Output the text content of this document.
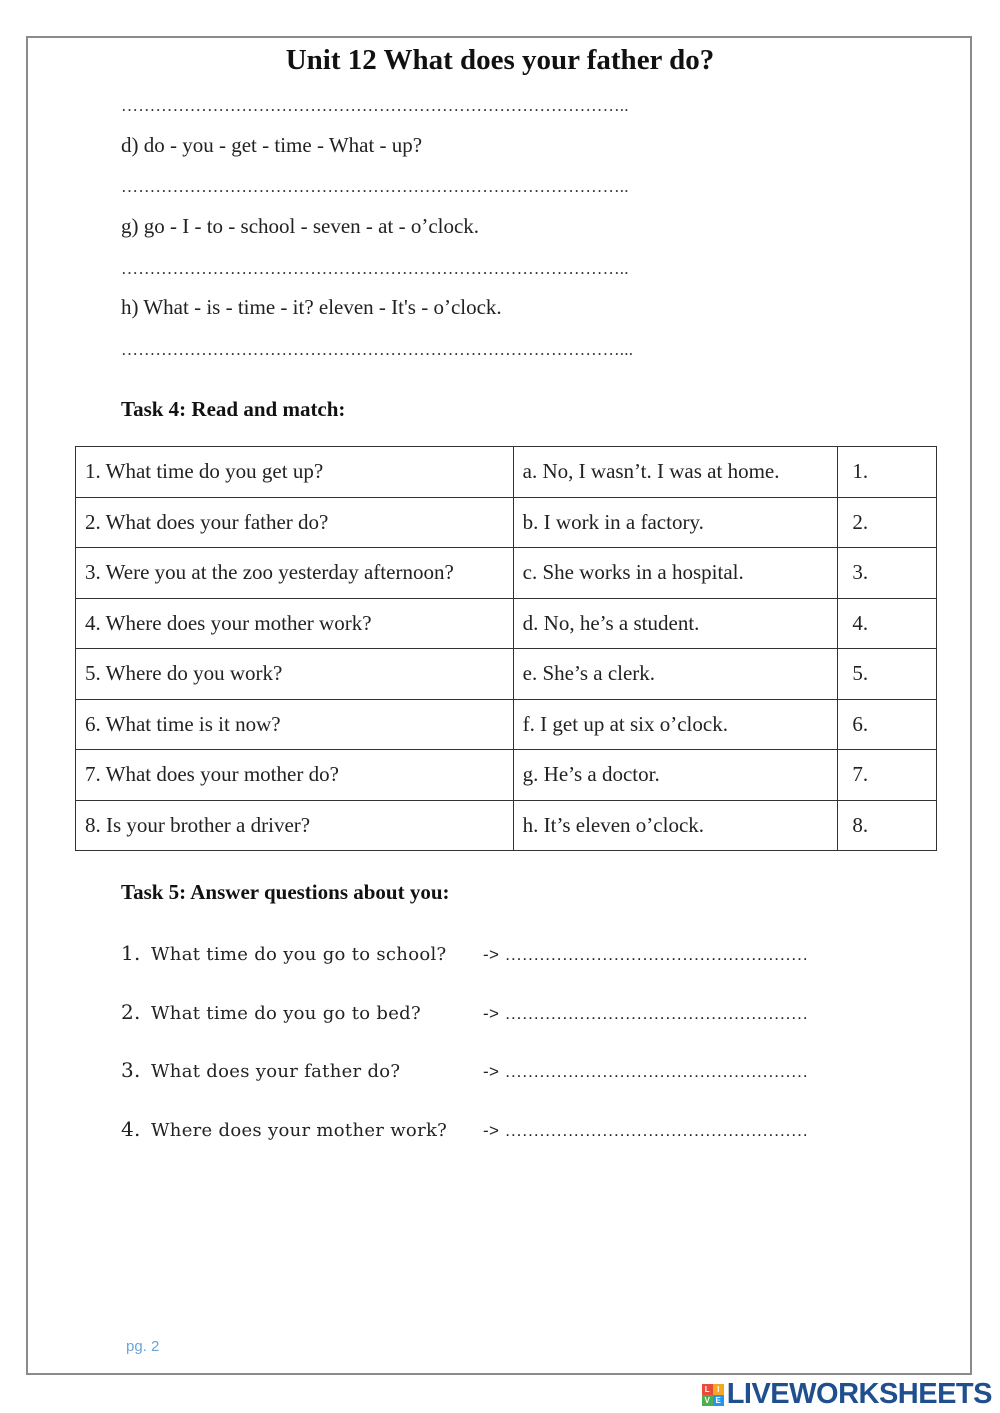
Unit 12 What does your father do?
……………………………………………………………………………..
d) do - you - get - time - What - up?
……………………………………………………………………………..
g) go - I - to - school - seven - at - o’clock.
……………………………………………………………………………..
h) What - is - time - it? eleven - It's - o’clock.
……………………………………………………………………………...
Task 4: Read and match:
1. What time do you get up?	a. No, I wasn’t. I was at home.	1.
2. What does your father do?	b. I work in a factory.	2.
3. Were you at the zoo yesterday afternoon?	c. She works in a hospital.	3.
4. Where does your mother work?	d. No, he’s a student.	4.
5. Where do you work?	e. She’s a clerk.	5.
6. What time is it now?	f. I get up at six o’clock.	6.
7. What does your mother do?	g. He’s a doctor.	7.
8. Is your brother a driver?	h. It’s eleven o’clock.	8.
Task 5: Answer questions about you:
1. What time do you go to school? -> .....................................................
2. What time do you go to bed?	-> .....................................................
3. What does your father do?	-> .....................................................
4. Where does your mother work? -> .....................................................
pg. 2
L I
V E LIVEWORKSHEETS
